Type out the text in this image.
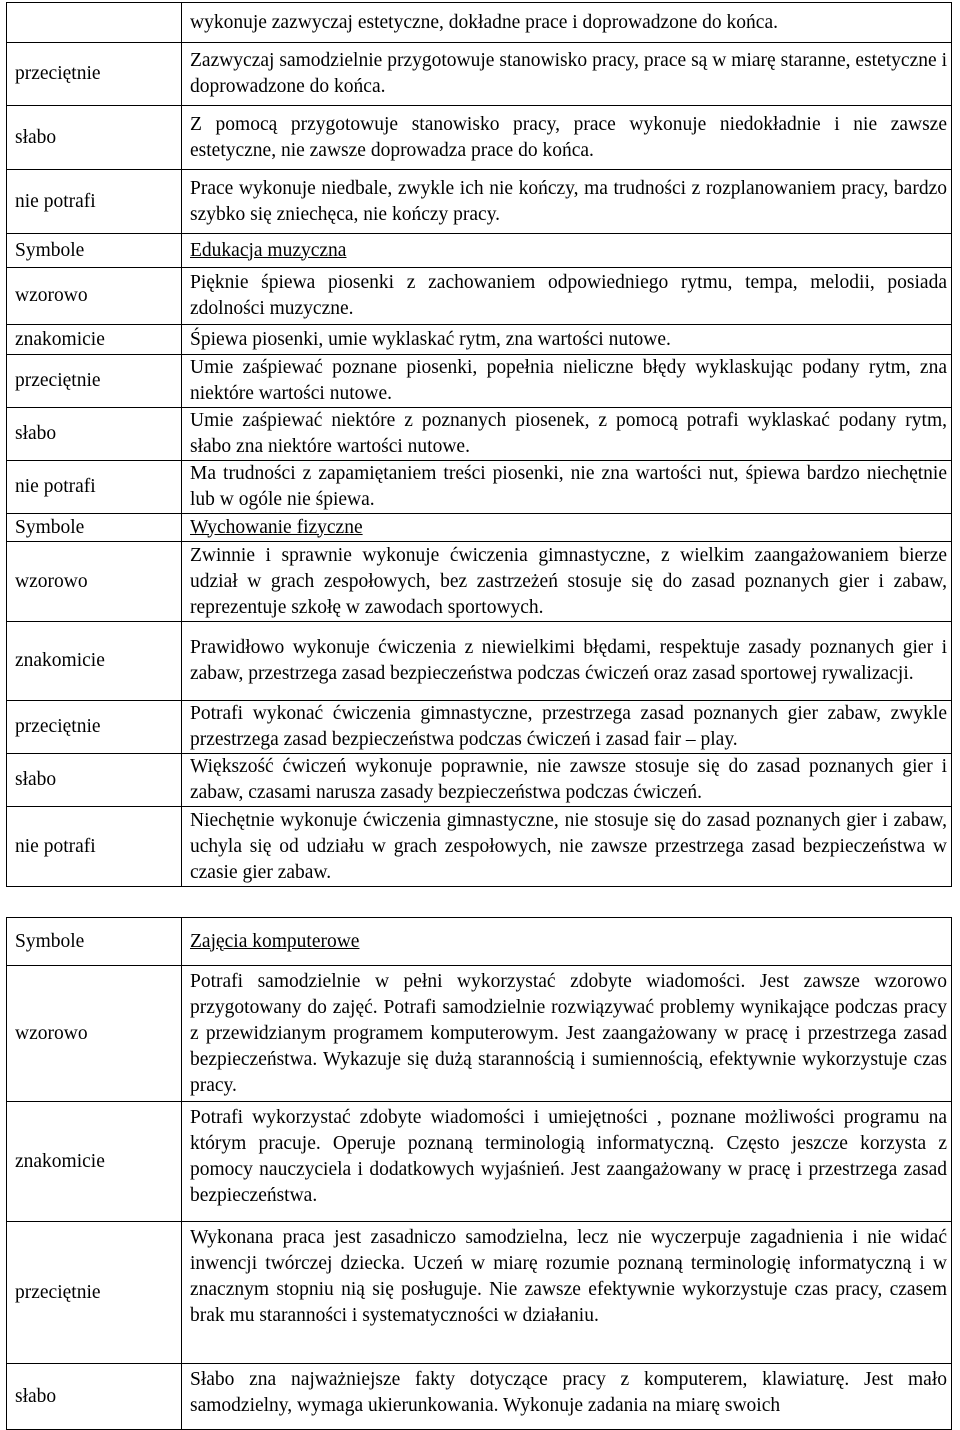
	wykonuje zazwyczaj estetyczne, dokładne prace i doprowadzone do końca.
przeciętnie	Zazwyczaj samodzielnie przygotowuje stanowisko pracy, prace są w miarę staranne, estetyczne i doprowadzone do końca.
słabo	Z pomocą przygotowuje stanowisko pracy, prace wykonuje niedokładnie i nie zawsze estetyczne, nie zawsze doprowadza prace do końca.
nie potrafi	Prace wykonuje niedbale, zwykle ich nie kończy, ma trudności z rozplanowaniem pracy, bardzo szybko się zniechęca, nie kończy pracy.
Symbole	Edukacja muzyczna
wzorowo	Pięknie śpiewa piosenki z zachowaniem odpowiedniego rytmu, tempa, melodii, posiada zdolności muzyczne.
znakomicie	Śpiewa piosenki, umie wyklaskać rytm, zna wartości nutowe.
przeciętnie	Umie zaśpiewać poznane piosenki, popełnia nieliczne błędy wyklaskując podany rytm, zna niektóre wartości nutowe.
słabo	Umie zaśpiewać niektóre z poznanych piosenek, z pomocą potrafi wyklaskać podany rytm, słabo zna niektóre wartości nutowe.
nie potrafi	Ma trudności z zapamiętaniem treści piosenki, nie zna wartości nut, śpiewa bardzo niechętnie lub w ogóle nie śpiewa.
Symbole	Wychowanie fizyczne
wzorowo	Zwinnie i sprawnie wykonuje ćwiczenia gimnastyczne, z wielkim zaangażowaniem bierze udział w grach zespołowych, bez zastrzeżeń stosuje się do zasad poznanych gier i zabaw, reprezentuje szkołę w zawodach sportowych.
znakomicie	Prawidłowo wykonuje ćwiczenia z niewielkimi błędami, respektuje zasady poznanych gier i zabaw, przestrzega zasad bezpieczeństwa podczas ćwiczeń oraz zasad sportowej rywalizacji.
przeciętnie	Potrafi wykonać ćwiczenia gimnastyczne, przestrzega zasad poznanych gier zabaw, zwykle przestrzega zasad bezpieczeństwa podczas ćwiczeń i zasad fair – play.
słabo	Większość ćwiczeń wykonuje poprawnie, nie zawsze stosuje się do zasad poznanych gier i zabaw, czasami narusza zasady bezpieczeństwa podczas ćwiczeń.
nie potrafi	Niechętnie wykonuje ćwiczenia gimnastyczne, nie stosuje się do zasad poznanych gier i zabaw, uchyla się od udziału w grach zespołowych, nie zawsze przestrzega zasad bezpieczeństwa w czasie gier zabaw.
Symbole	Zajęcia komputerowe
wzorowo	Potrafi samodzielnie w pełni wykorzystać zdobyte wiadomości. Jest zawsze wzorowo przygotowany do zajęć. Potrafi samodzielnie rozwiązywać problemy wynikające podczas pracy z przewidzianym programem komputerowym. Jest zaangażowany w pracę i przestrzega zasad bezpieczeństwa. Wykazuje się dużą starannością i sumiennością, efektywnie wykorzystuje czas pracy.
znakomicie	Potrafi wykorzystać zdobyte wiadomości i umiejętności , poznane możliwości programu na którym pracuje. Operuje poznaną terminologią informatyczną. Często jeszcze korzysta z pomocy nauczyciela i dodatkowych wyjaśnień. Jest zaangażowany w pracę i przestrzega zasad bezpieczeństwa.
przeciętnie	Wykonana praca jest zasadniczo samodzielna, lecz nie wyczerpuje zagadnienia i nie widać inwencji twórczej dziecka. Uczeń w miarę rozumie poznaną terminologię informatyczną i w znacznym stopniu nią się posługuje. Nie zawsze efektywnie wykorzystuje czas pracy, czasem brak mu staranności i systematyczności w działaniu.
słabo	Słabo zna najważniejsze fakty dotyczące pracy z komputerem, klawiaturę. Jest mało samodzielny, wymaga ukierunkowania. Wykonuje zadania na miarę swoich
